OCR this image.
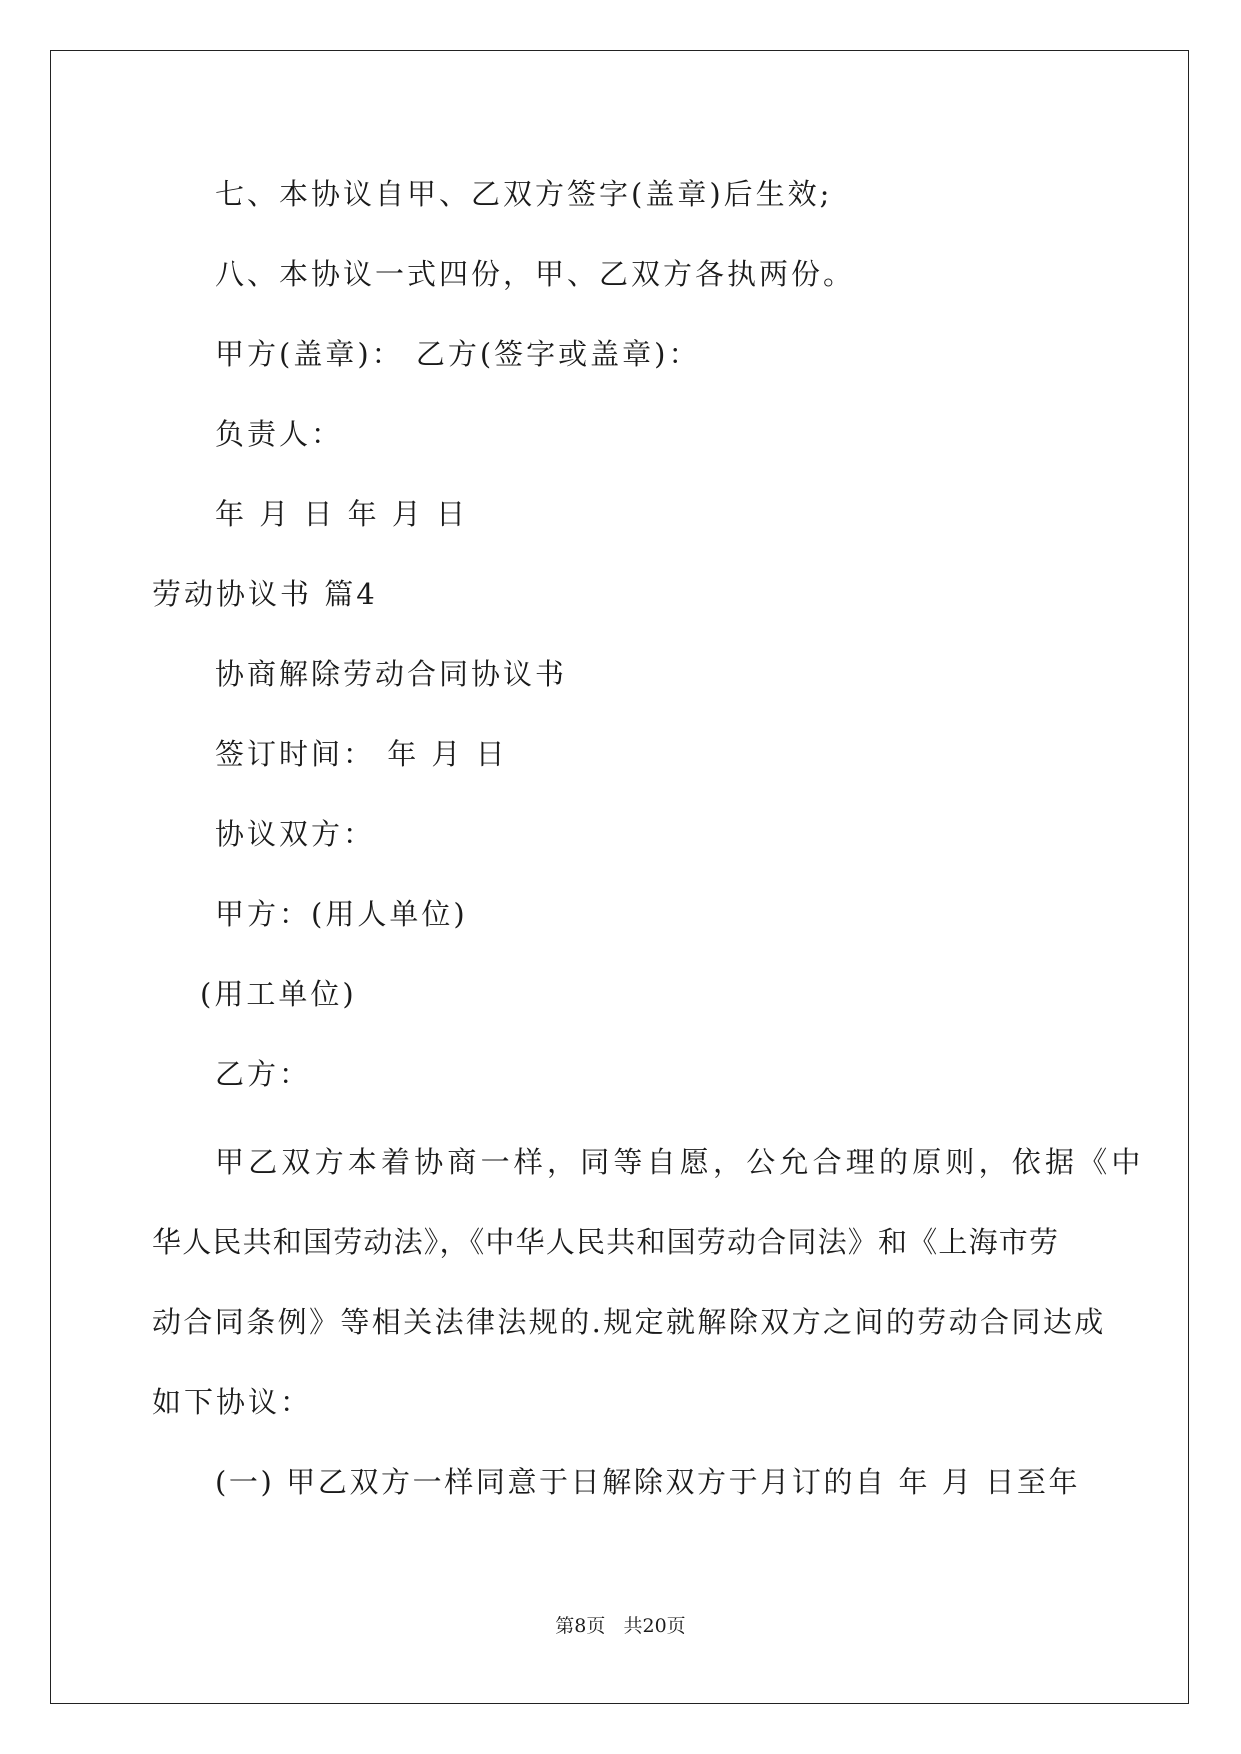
七、本协议自甲、乙双方签字(盖章)后生效;
八、本协议一式四份，甲、乙双方各执两份。
甲方(盖章)： 乙方(签字或盖章)：
负责人：
年 月 日 年 月 日
劳动协议书 篇4
协商解除劳动合同协议书
签订时间： 年 月 日
协议双方：
甲方：(用人单位)
(用工单位)
乙方：
甲乙双方本着协商一样，同等自愿，公允合理的原则，依据《中
华人民共和国劳动法》，《中华人民共和国劳动合同法》和《上海市劳
动合同条例》等相关法律法规的.规定就解除双方之间的劳动合同达成
如下协议：
(一) 甲乙双方一样同意于日解除双方于月订的自 年 月 日至年
第8页   共20页
